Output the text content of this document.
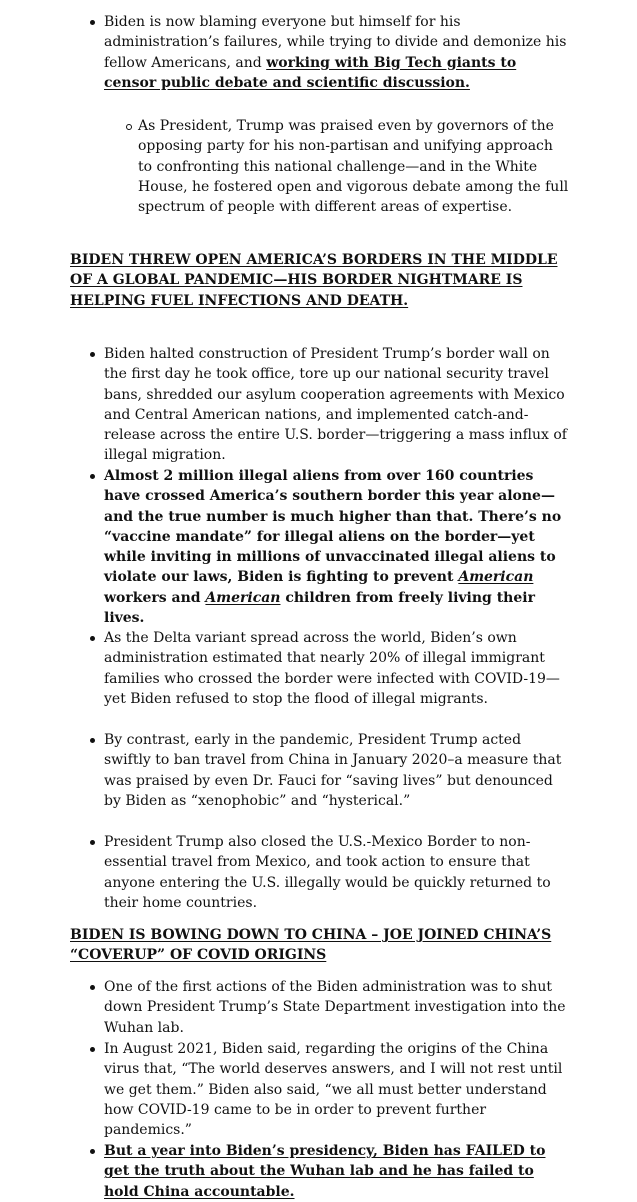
Biden is now blaming everyone but himself for his administration’s failures, while trying to divide and demonize his fellow Americans, and working with Big Tech giants to censor public debate and scientific discussion.
As President, Trump was praised even by governors of the opposing party for his non-partisan and unifying approach to confronting this national challenge—and in the White House, he fostered open and vigorous debate among the full spectrum of people with different areas of expertise.
BIDEN THREW OPEN AMERICA’S BORDERS IN THE MIDDLE OF A GLOBAL PANDEMIC—HIS BORDER NIGHTMARE IS HELPING FUEL INFECTIONS AND DEATH.
Biden halted construction of President Trump’s border wall on the first day he took office, tore up our national security travel bans, shredded our asylum cooperation agreements with Mexico and Central American nations, and implemented catch-and-release across the entire U.S. border—triggering a mass influx of illegal migration.
Almost 2 million illegal aliens from over 160 countries have crossed America’s southern border this year alone—and the true number is much higher than that. There’s no “vaccine mandate” for illegal aliens on the border—yet while inviting in millions of unvaccinated illegal aliens to violate our laws, Biden is fighting to prevent American workers and American children from freely living their lives.
As the Delta variant spread across the world, Biden’s own administration estimated that nearly 20% of illegal immigrant families who crossed the border were infected with COVID-19—yet Biden refused to stop the flood of illegal migrants.
By contrast, early in the pandemic, President Trump acted swiftly to ban travel from China in January 2020–a measure that was praised by even Dr. Fauci for “saving lives” but denounced by Biden as “xenophobic” and “hysterical.”
President Trump also closed the U.S.-Mexico Border to non-essential travel from Mexico, and took action to ensure that anyone entering the U.S. illegally would be quickly returned to their home countries.
BIDEN IS BOWING DOWN TO CHINA – JOE JOINED CHINA’S “COVERUP” OF COVID ORIGINS
One of the first actions of the Biden administration was to shut down President Trump’s State Department investigation into the Wuhan lab.
In August 2021, Biden said, regarding the origins of the China virus that, “The world deserves answers, and I will not rest until we get them.” Biden also said, “we all must better understand how COVID-19 came to be in order to prevent further pandemics.”
But a year into Biden’s presidency, Biden has FAILED to get the truth about the Wuhan lab and he has failed to hold China accountable.
